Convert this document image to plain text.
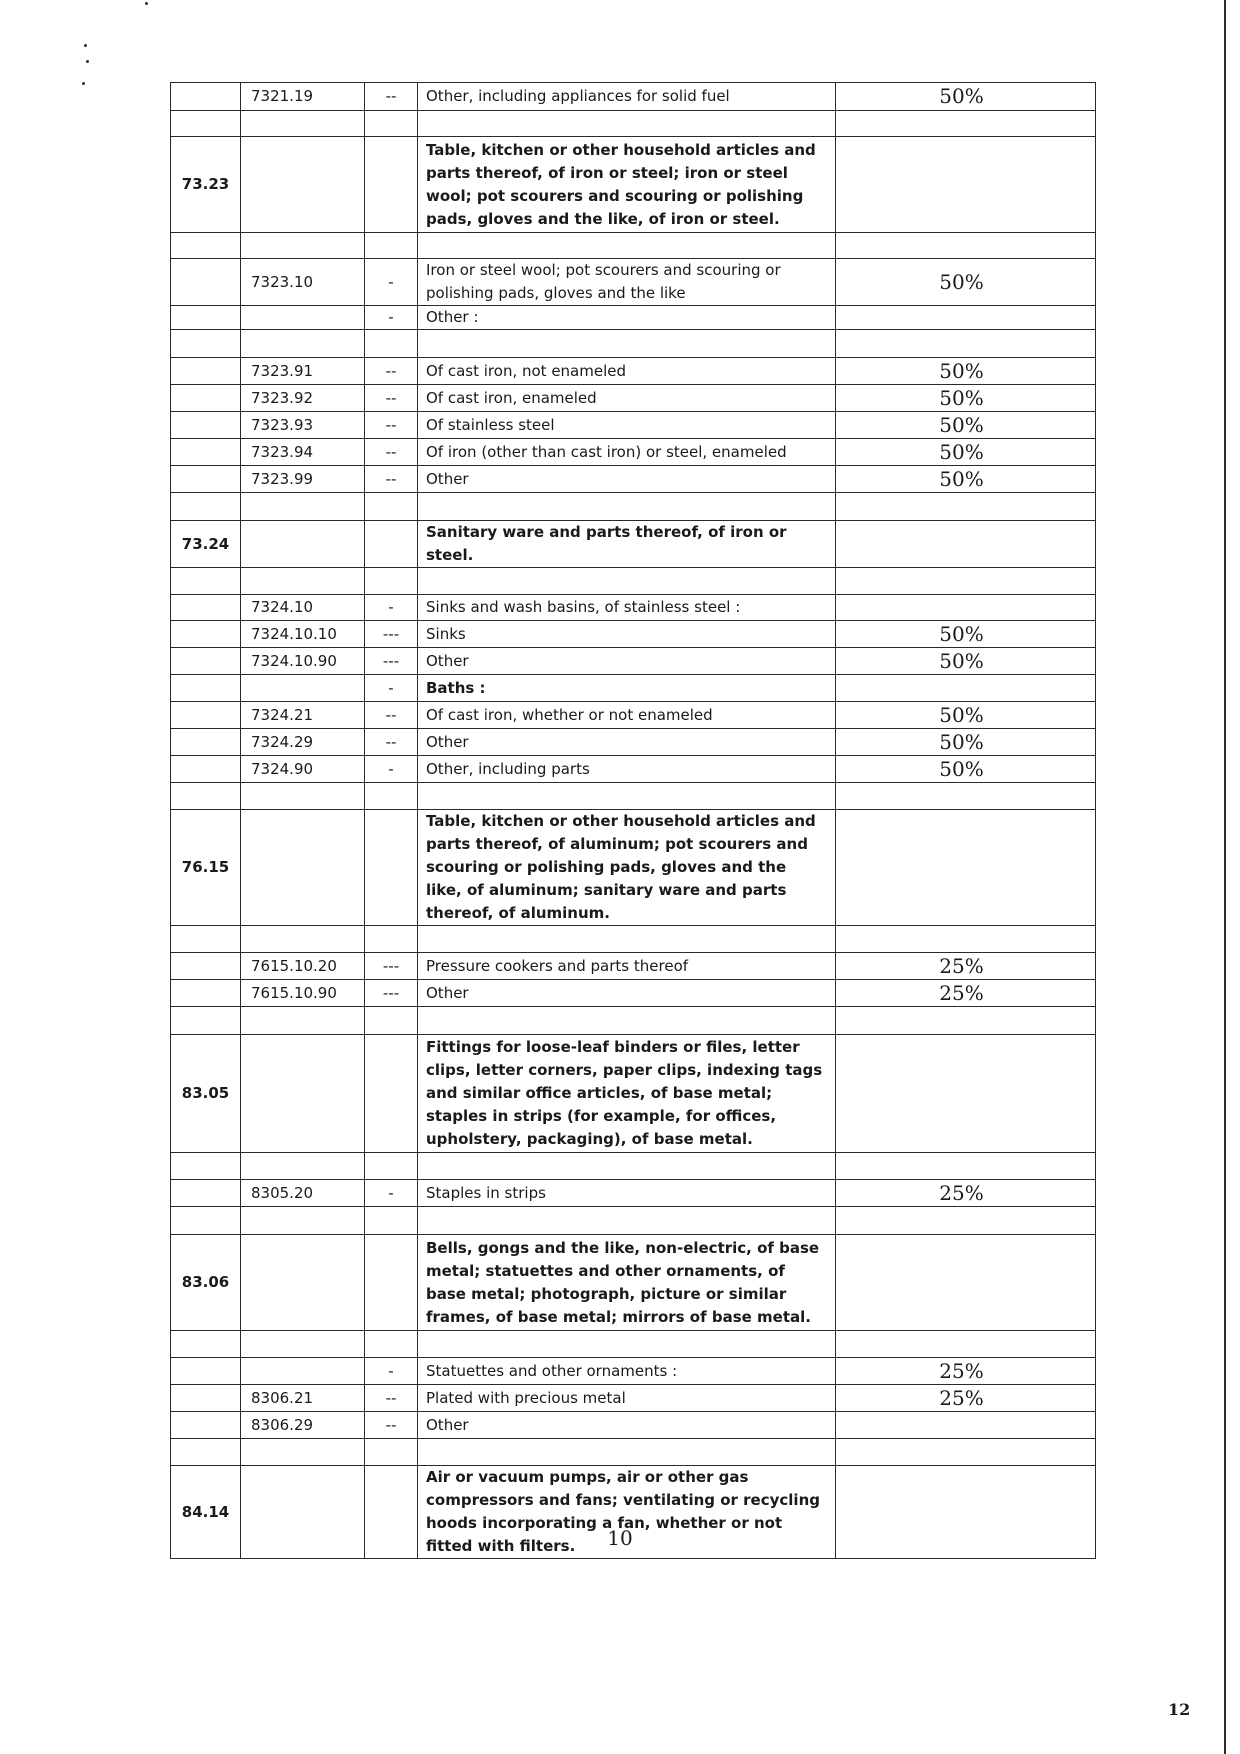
	7321.19	--	Other, including appliances for solid fuel	50%

73.23			Table, kitchen or other household articles and parts thereof, of iron or steel; iron or steel wool; pot scourers and scouring or polishing pads, gloves and the like, of iron or steel.	

	7323.10	-	Iron or steel wool; pot scourers and scouring or polishing pads, gloves and the like	50%
		-	Other :	

	7323.91	--	Of cast iron, not enameled	50%
	7323.92	--	Of cast iron, enameled	50%
	7323.93	--	Of stainless steel	50%
	7323.94	--	Of iron (other than cast iron) or steel, enameled	50%
	7323.99	--	Other	50%

73.24			Sanitary ware and parts thereof, of iron or steel.	

	7324.10	-	Sinks and wash basins, of stainless steel :	
	7324.10.10	---	Sinks	50%
	7324.10.90	---	Other	50%
		-	Baths :	
	7324.21	--	Of cast iron, whether or not enameled	50%
	7324.29	--	Other	50%
	7324.90	-	Other, including parts	50%

76.15			Table, kitchen or other household articles and parts thereof, of aluminum; pot scourers and scouring or polishing pads, gloves and the like, of aluminum; sanitary ware and parts thereof, of aluminum.	

	7615.10.20	---	Pressure cookers and parts thereof	25%
	7615.10.90	---	Other	25%

83.05			Fittings for loose-leaf binders or files, letter clips, letter corners, paper clips, indexing tags and similar office articles, of base metal; staples in strips (for example, for offices, upholstery, packaging), of base metal.	

	8305.20	-	Staples in strips	25%

83.06			Bells, gongs and the like, non-electric, of base metal; statuettes and other ornaments, of base metal; photograph, picture or similar frames, of base metal; mirrors of base metal.	

		-	Statuettes and other ornaments :	25%
	8306.21	--	Plated with precious metal	25%
	8306.29	--	Other	

84.14			Air or vacuum pumps, air or other gas compressors and fans; ventilating or recycling hoods incorporating a fan, whether or not fitted with filters.		10
12
